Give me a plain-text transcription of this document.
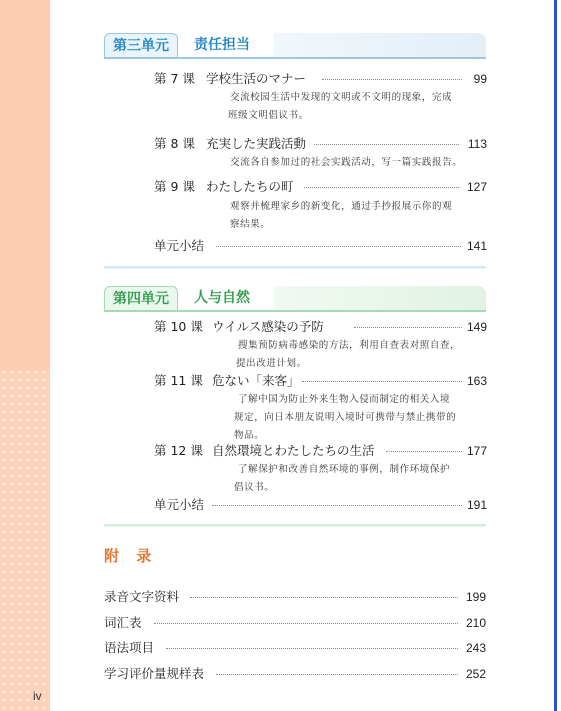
第三单元	责任担当
第 7 课 学校生活のマナー	99
交流校园生活中发现的文明或不文明的现象，完成
班级文明倡议书。
第 8 课 充実した実践活動	113
交流各自参加过的社会实践活动，写一篇实践报告。
第 9 课 わたしたちの町	127
观察并梳理家乡的新变化，通过手抄报展示你的观
察结果。
单元小结	141
第四单元	人与自然
第 10 课 ウイルス感染の予防	149
搜集预防病毒感染的方法，利用自查表对照自查，
提出改进计划。
第 11 课 危ない「来客」	163
了解中国为防止外来生物入侵而制定的相关入境
规定，向日本朋友说明入境时可携带与禁止携带的
物品。
第 12 课 自然環境とわたしたちの生活	177
了解保护和改善自然环境的事例，制作环境保护
倡议书。
单元小结	191
附 录
录音文字资料	199
词汇表	210
语法项目	243
学习评价量规样表	252
iv
